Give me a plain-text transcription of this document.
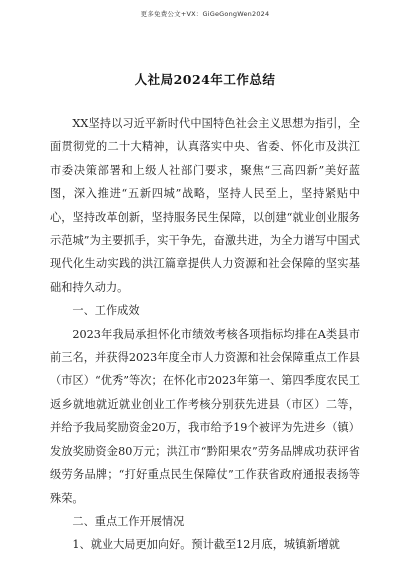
更多免费公文+VX：GiGeGongWen2024
人社局2024年工作总结

XX坚持以习近平新时代中国特色社会主义思想为指引，全面贯彻党的二十大精神，认真落实中央、省委、怀化市及洪江市委决策部署和上级人社部门要求，聚焦“三高四新”美好蓝图，深入推进“五新四城”战略，坚持人民至上，坚持紧贴中心，坚持改革创新，坚持服务民生保障，以创建“就业创业服务示范城”为主要抓手，实干争先，奋激共进，为全力谱写中国式现代化生动实践的洪江篇章提供人力资源和社会保障的坚实基础和持久动力。

一、工作成效

2023年我局承担怀化市绩效考核各项指标均排在A类县市前三名，并获得2023年度全市人力资源和社会保障重点工作县（市区）“优秀”等次；在怀化市2023年第一、第四季度农民工返乡就地就近就业创业工作考核分别获先进县（市区）二等，并给予我局奖励资金20万，我市给予19个被评为先进乡（镇）发放奖励资金80万元；洪江市“黔阳果农”劳务品牌成功获评省级劳务品牌；“打好重点民生保障仗”工作获省政府通报表扬等殊荣。

二、重点工作开展情况

1、就业大局更加向好。预计截至12月底，城镇新增就
